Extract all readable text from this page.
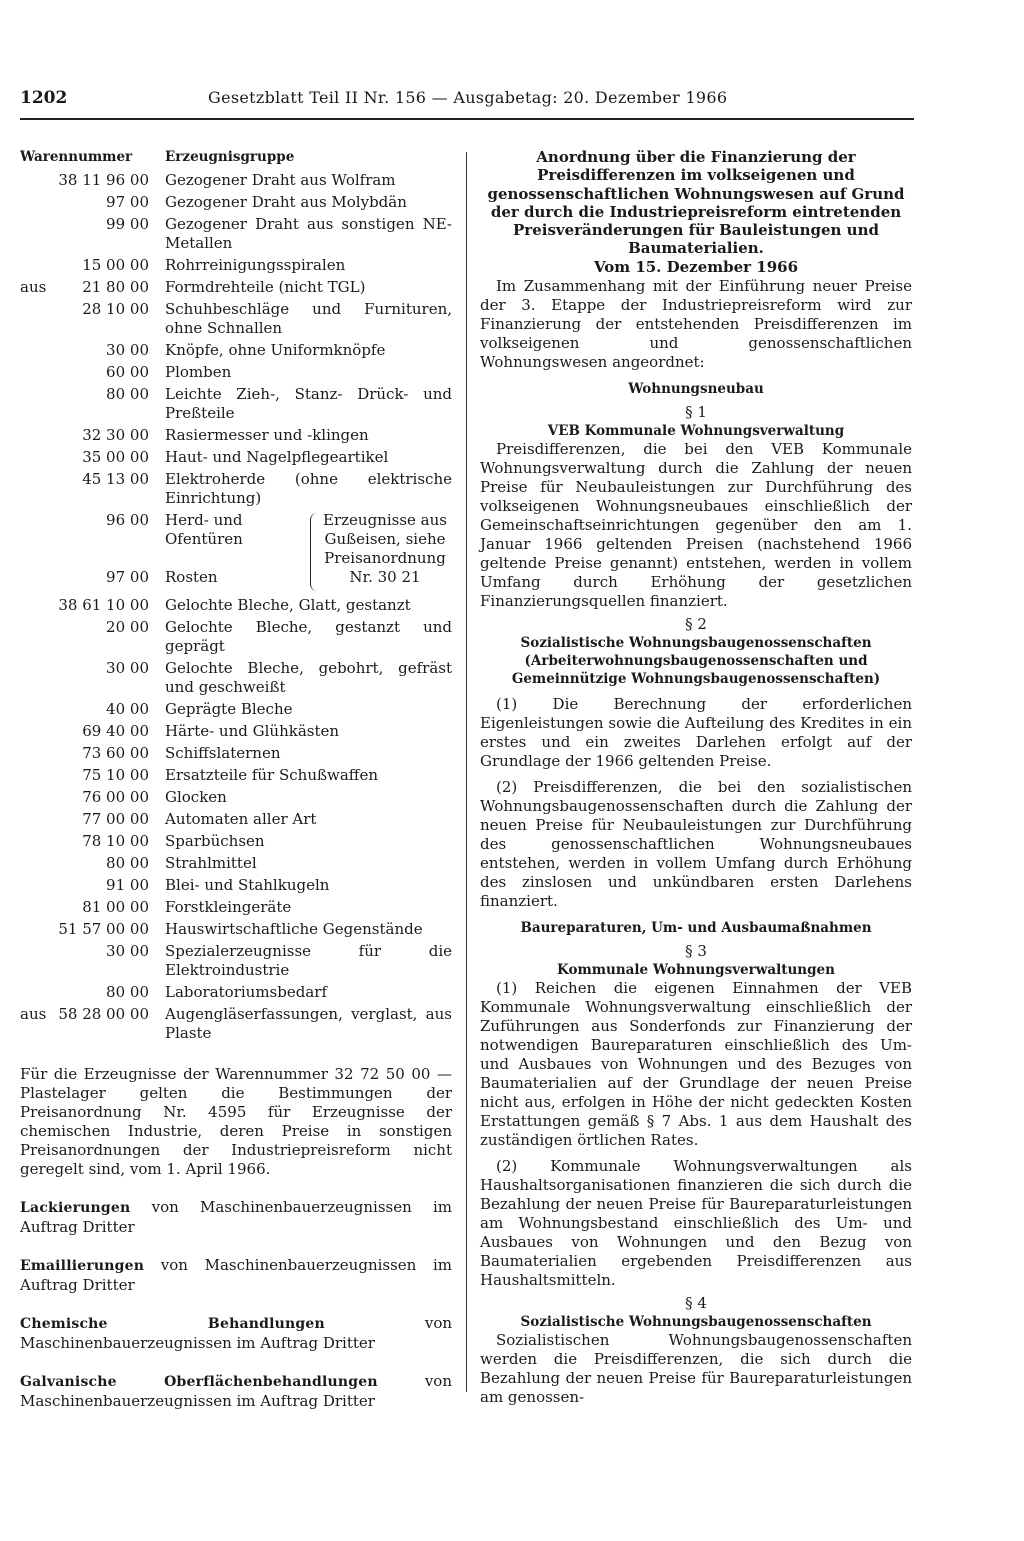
1202	Gesetzblatt Teil II Nr. 156 — Ausgabetag: 20. Dezember 1966
Warennummer Erzeugnisgruppe
38 11 96 00 Gezogener Draht aus Wolfram
97 00 Gezogener Draht aus Molybdän
99 00 Gezogener Draht aus sonstigen NE-Metallen
15 00 00 Rohrreinigungsspiralen
aus	21 80 00 Formdrehteile (nicht TGL)
28 10 00 Schuhbeschläge und Furnituren, ohne Schnallen
30 00 Knöpfe, ohne Uniformknöpfe
60 00 Plomben
80 00 Leichte Zieh-, Stanz- Drück- und Preßteile
32 30 00 Rasiermesser und -klingen
35 00 00 Haut- und Nagelpflegeartikel
45 13 00 Elektroherde (ohne elektrische Einrichtung)
96 00 Herd- und Ofentüren
97 00 Rosten
Erzeugnisse aus Gußeisen, siehe Preisanordnung Nr. 30 21
38 61 10 00 Gelochte Bleche, Glatt, gestanzt
20 00 Gelochte Bleche, gestanzt und geprägt
30 00 Gelochte Bleche, gebohrt, gefräst und geschweißt
40 00 Geprägte Bleche
69 40 00 Härte- und Glühkästen
73 60 00 Schiffslaternen
75 10 00 Ersatzteile für Schußwaffen
76 00 00 Glocken
77 00 00 Automaten aller Art
78 10 00 Sparbüchsen
80 00 Strahlmittel
91 00 Blei- und Stahlkugeln
81 00 00 Forstkleingeräte
51 57 00 00 Hauswirtschaftliche Gegenstände
30 00 Spezialerzeugnisse für die Elektroindustrie
80 00 Laboratoriumsbedarf
aus 58 28 00 00 Augengläserfassungen, verglast, aus Plaste
Für die Erzeugnisse der Warennummer 32 72 50 00 — Plastelager gelten die Bestimmungen der Preisanordnung Nr. 4595 für Erzeugnisse der chemischen Industrie, deren Preise in sonstigen Preisanordnungen der Industriepreisreform nicht geregelt sind, vom 1. April 1966.
Lackierungen von Maschinenbauerzeugnissen im Auftrag Dritter
Emaillierungen von Maschinenbauerzeugnissen im Auftrag Dritter
Chemische Behandlungen von Maschinenbauerzeugnissen im Auftrag Dritter
Galvanische Oberflächenbehandlungen von Maschinenbauerzeugnissen im Auftrag Dritter
Anordnung über die Finanzierung der Preisdifferenzen im volkseigenen und genossenschaftlichen Wohnungswesen auf Grund der durch die Industriepreisreform eintretenden Preisveränderungen für Bauleistungen und Baumaterialien.
Vom 15. Dezember 1966

Im Zusammenhang mit der Einführung neuer Preise der 3. Etappe der Industriepreisreform wird zur Finanzierung der entstehenden Preisdifferenzen im volkseigenen und genossenschaftlichen Wohnungswesen angeordnet:

Wohnungsneubau
§ 1
VEB Kommunale Wohnungsverwaltung

Preisdifferenzen, die bei den VEB Kommunale Wohnungsverwaltung durch die Zahlung der neuen Preise für Neubauleistungen zur Durchführung des volkseigenen Wohnungsneubaues einschließlich der Gemeinschaftseinrichtungen gegenüber den am 1. Januar 1966 geltenden Preisen (nachstehend 1966 geltende Preise genannt) entstehen, werden in vollem Umfang durch Erhöhung der gesetzlichen Finanzierungsquellen finanziert.

§ 2
Sozialistische Wohnungsbaugenossenschaften (Arbeiterwohnungsbaugenossenschaften und Gemeinnützige Wohnungsbaugenossenschaften)

(1) Die Berechnung der erforderlichen Eigenleistungen sowie die Aufteilung des Kredites in ein erstes und ein zweites Darlehen erfolgt auf der Grundlage der 1966 geltenden Preise.

(2) Preisdifferenzen, die bei den sozialistischen Wohnungsbaugenossenschaften durch die Zahlung der neuen Preise für Neubauleistungen zur Durchführung des genossenschaftlichen Wohnungsneubaues entstehen, werden in vollem Umfang durch Erhöhung des zinslosen und unkündbaren ersten Darlehens finanziert.

Baureparaturen, Um- und Ausbaumaßnahmen
§ 3
Kommunale Wohnungsverwaltungen

(1) Reichen die eigenen Einnahmen der VEB Kommunale Wohnungsverwaltung einschließlich der Zuführungen aus Sonderfonds zur Finanzierung der notwendigen Baureparaturen einschließlich des Um- und Ausbaues von Wohnungen und des Bezuges von Baumaterialien auf der Grundlage der neuen Preise nicht aus, erfolgen in Höhe der nicht gedeckten Kosten Erstattungen gemäß § 7 Abs. 1 aus dem Haushalt des zuständigen örtlichen Rates.

(2) Kommunale Wohnungsverwaltungen als Haushaltsorganisationen finanzieren die sich durch die Bezahlung der neuen Preise für Baureparaturleistungen am Wohnungsbestand einschließlich des Um- und Ausbaues von Wohnungen und den Bezug von Baumaterialien ergebenden Preisdifferenzen aus Haushaltsmitteln.

§ 4
Sozialistische Wohnungsbaugenossenschaften

Sozialistischen Wohnungsbaugenossenschaften werden die Preisdifferenzen, die sich durch die Bezahlung der neuen Preise für Baureparaturleistungen am genossen-
